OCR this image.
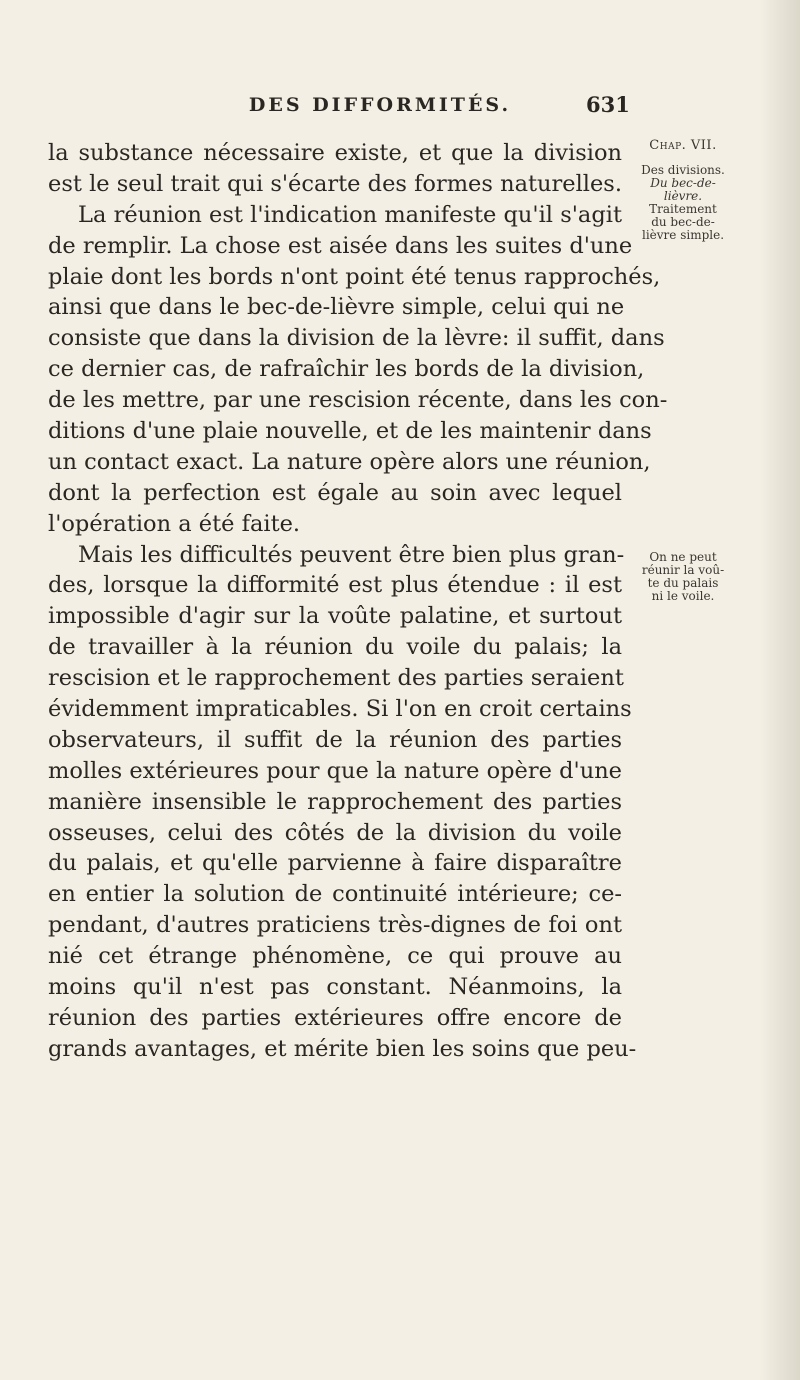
DES DIFFORMITÉS.	631
la substance nécessaire existe, et que la division
est le seul trait qui s'écarte des formes naturelles.
La réunion est l'indication manifeste qu'il s'agit
de remplir. La chose est aisée dans les suites d'une
plaie dont les bords n'ont point été tenus rapprochés,
ainsi que dans le bec-de-lièvre simple, celui qui ne
consiste que dans la division de la lèvre: il suffit, dans
ce dernier cas, de rafraîchir les bords de la division,
de les mettre, par une rescision récente, dans les con-
ditions d'une plaie nouvelle, et de les maintenir dans
un contact exact. La nature opère alors une réunion,
dont la perfection est égale au soin avec lequel
l'opération a été faite.
Mais les difficultés peuvent être bien plus gran-
des, lorsque la difformité est plus étendue : il est
impossible d'agir sur la voûte palatine, et surtout
de travailler à la réunion du voile du palais; la
rescision et le rapprochement des parties seraient
évidemment impraticables. Si l'on en croit certains
observateurs, il suffit de la réunion des parties
molles extérieures pour que la nature opère d'une
manière insensible le rapprochement des parties
osseuses, celui des côtés de la division du voile
du palais, et qu'elle parvienne à faire disparaître
en entier la solution de continuité intérieure; ce-
pendant, d'autres praticiens très-dignes de foi ont
nié cet étrange phénomène, ce qui prouve au
moins qu'il n'est pas constant. Néanmoins, la
réunion des parties extérieures offre encore de
grands avantages, et mérite bien les soins que peu-
Chap. VII.
Des divisions.
Du bec-de-
lièvre.
Traitement
du bec-de-
lièvre simple.
On ne peut
réunir la voû-
te du palais
ni le voile.
